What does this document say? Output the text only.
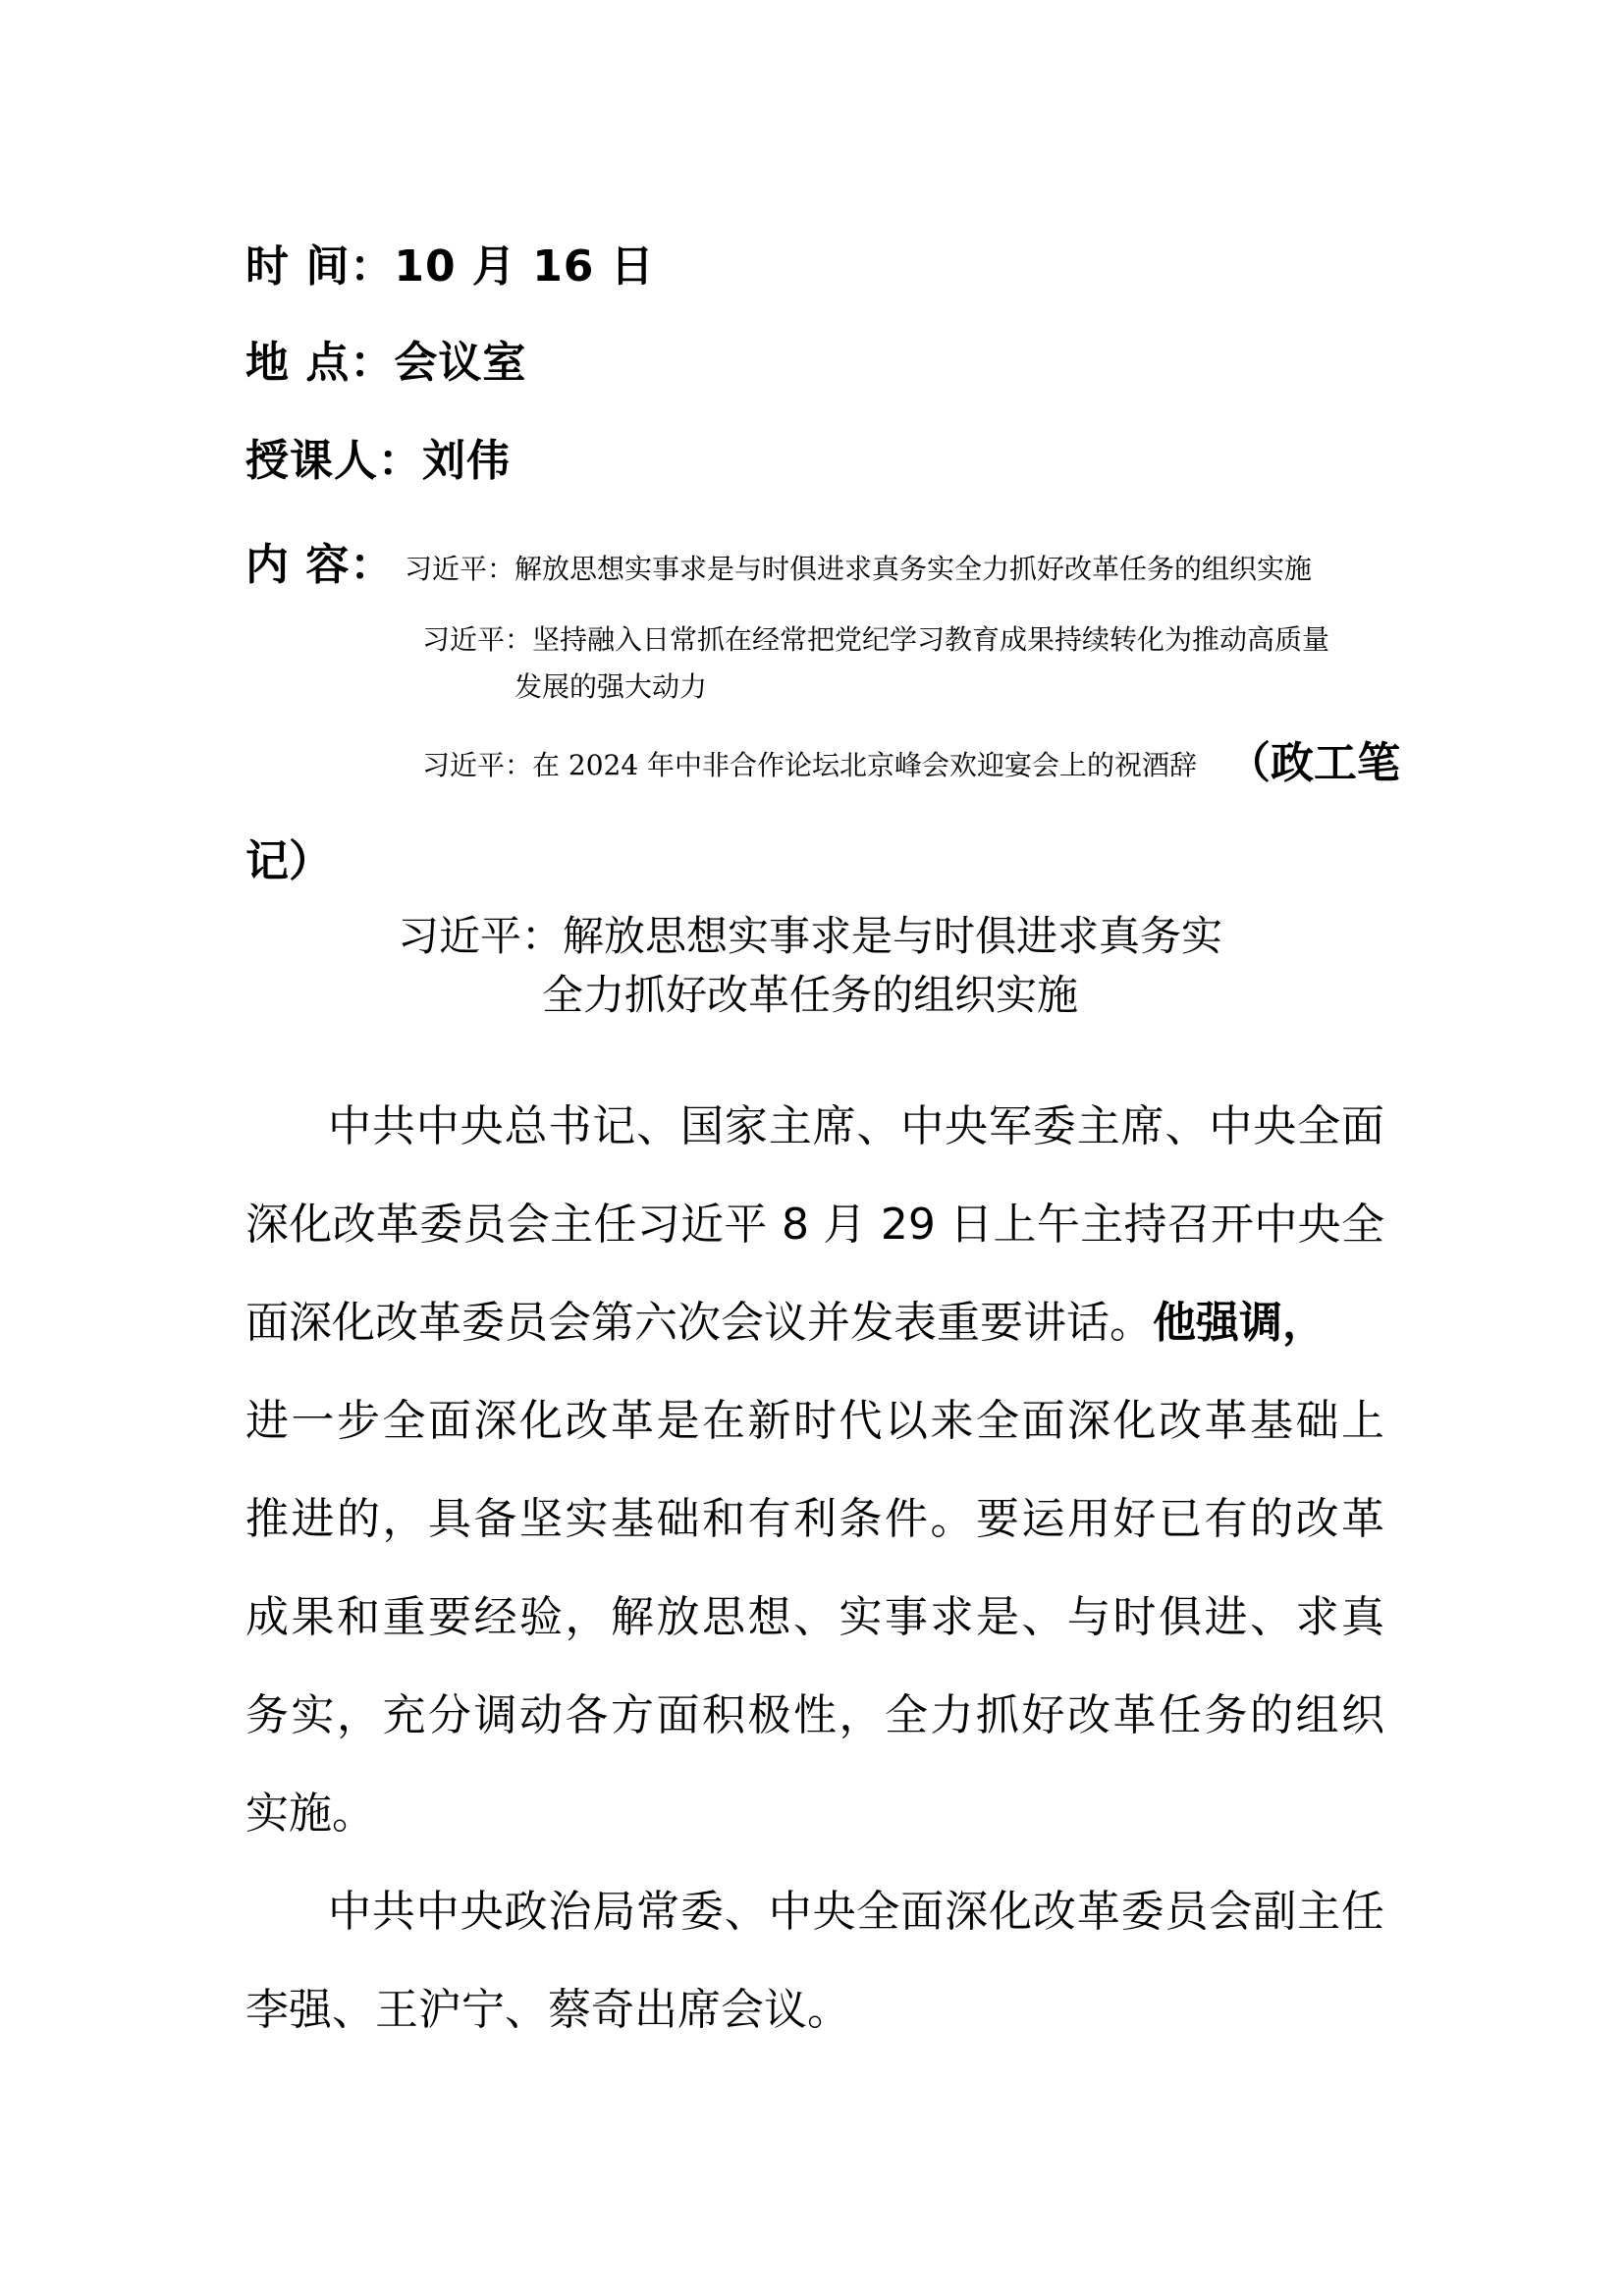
时 间：10 月 16 日
地 点：会议室
授课人：刘伟
内 容： 习近平：解放思想实事求是与时俱进求真务实全力抓好改革任务的组织实施
习近平：坚持融入日常抓在经常把党纪学习教育成果持续转化为推动高质量
发展的强大动力
习近平：在 2024 年中非合作论坛北京峰会欢迎宴会上的祝酒辞 （政工笔
记）
习近平：解放思想实事求是与时俱进求真务实
全力抓好改革任务的组织实施
中共中央总书记、国家主席、中央军委主席、中央全面
深化改革委员会主任习近平 8 月 29 日上午主持召开中央全
面深化改革委员会第六次会议并发表重要讲话。他强调，
进一步全面深化改革是在新时代以来全面深化改革基础上
推进的，具备坚实基础和有利条件。要运用好已有的改革
成果和重要经验，解放思想、实事求是、与时俱进、求真
务实，充分调动各方面积极性，全力抓好改革任务的组织
实施。
中共中央政治局常委、中央全面深化改革委员会副主任
李强、王沪宁、蔡奇出席会议。
